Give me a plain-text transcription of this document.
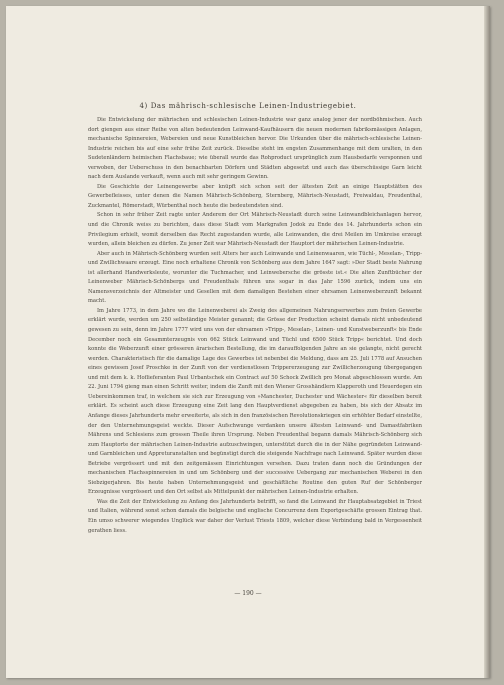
4) Das mährisch-schlesische Leinen-Industriegebiet.

Die Entwickelung der mährischen und schlesischen Leinen-Industrie war ganz analog jener der nordböhmischen. Auch dort giengen aus einer Reihe von alten bedeutenden Leinwand-Kaufhäusern die neuen modernen fabriksmässigen Anlagen, mechanische Spinnereien, Webereien und neue Kunstbleichen hervor. Die Urkunden über die mährisch-schlesische Leinen-Industrie reichen bis auf eine sehr frühe Zeit zurück. Dieselbe steht im engsten Zusammenhange mit dem uralten, in den Sudetenländern heimischen Flachsbaue; wie überall wurde das Rohproduct ursprünglich zum Hausbedarfe versponnen und verwoben, der Ueberschuss in den benachbarten Dörfern und Städten abgesetzt und auch das überschüssige Garn leicht nach dem Auslande verkauft, wenn auch mit sehr geringem Gewinn.

Die Geschichte der Leinengewerbe aber knüpft sich schon seit der ältesten Zeit an einige Hauptstätten des Gewerbefleisses, unter denen die Namen Mährisch-Schönberg, Sternberg, Mährisch-Neustadt, Freiwaldau, Freudenthal, Zuckmantel, Römerstadt, Würbenthal noch heute die bedeutendsten sind.

Schon in sehr früher Zeit ragte unter Anderem der Ort Mährisch-Neustadt durch seine Leinwandbleichanlagen hervor, und die Chronik weiss zu berichten, dass diese Stadt vom Markgrafen Jodok zu Ende des 14. Jahrhunderts schon ein Privilegium erhielt, womit derselben das Recht zugestanden wurde, alle Leinwanden, die drei Meilen im Umkreise erzeugt wurden, allein bleichen zu dürfen. Zu jener Zeit war Mährisch-Neustadt der Hauptort der mährischen Leinen-Industrie.

Aber auch in Mährisch-Schönberg wurden seit Alters her auch Leinwande und Leinenwaaren, wie Tüchl-, Meselan-, Tripp- und Zwillichwaare erzeugt. Eine noch erhaltene Chronik von Schönberg aus dem Jahre 1647 sagt: »Der Stadt beste Nahrung ist allerhand Handwerksleute, worunter die Tuchmacher, und Leinwebersche die grösste ist.« Die alten Zunftbücher der Leinenweber Mährisch-Schönbergs und Freudenthals führen uns sogar in das Jahr 1596 zurück, indem uns ein Namensverzeichnis der Altmeister und Gesellen mit dem damaligen Bestehen einer ehrsamen Leinenweberzunft bekannt macht.

Im Jahre 1773, in dem Jahre wo die Leinenweberei als Zweig des allgemeinen Nahrungserwerbes zum freien Gewerbe erklärt wurde, werden um 250 selbständige Meister genannt; die Grösse der Production scheint damals nicht unbedeutend gewesen zu sein, denn im Jahre 1777 wird uns von der ehrsamen »Tripp-, Meselan-, Leinen- und Kunstweberzunft« bis Ende December noch ein Gesammterzeugnis von 662 Stück Leinwand und Tüchl und 6500 Stück Tripp« berichtet. Und doch konnte die Weberzunft einer grösseren ärarischen Bestellung, die im darauffolgenden Jahre an sie gelangte, nicht gerecht werden. Charakteristisch für die damalige Lage des Gewerbes ist nebenbei die Meldung, dass am 25. Juli 1778 auf Ansuchen eines gewissen Josef Proschke in der Zunft von der verdienstlosen Trippererzeugung zur Zwillicherzeugung übergegangen und mit dem k. k. Hoflieferanten Paul Urbantschek ein Contract auf 50 Schock Zwillich pro Monat abgeschlossen wurde. Am 22. Juni 1794 gieng man einen Schritt weiter, indem die Zunft mit den Wiener Grosshändlern Klapperoth und Heuerdegen ein Uebereinkommen traf, in welchem sie sich zur Erzeugung von »Manchester, Duchester und Wächester« für dieselben bereit erklärt. Es scheint auch diese Erzeugung eine Zeit lang den Hauptverdienst abgegeben zu haben, bis sich der Absatz im Anfange dieses Jahrhunderts mehr erweiterte, als sich in den französischen Revolutionskriegen ein erhöhter Bedarf einstellte, der den Unternehmungsgeist weckte. Dieser Aufschwunge verdanken unsere ältesten Leinwand- und Damastfabriken Mährens und Schlesiens zum grossen Theile ihren Ursprung. Neben Freudenthal begann damals Mährisch-Schönberg sich zum Hauptorte der mährischen Leinen-Industrie aufzuschwingen, unterstützt durch die in der Nähe gegründeten Leinwand- und Garnbleichen und Appreturanstalten und begünstigt durch die steigende Nachfrage nach Leinwand. Später wurden diese Betriebe vergrössert und mit den zeitgemässen Einrichtungen versehen. Dazu traten dann noch die Gründungen der mechanischen Flachsspinnereien in und um Schönberg und der successive Uebergang zur mechanischen Weberei in den Siebzigerjahren. Bis heute haben Unternehmungsgeist und geschäftliche Routine den guten Ruf der Schönberger Erzeugnisse vergrössert und den Ort selbst als Mittelpunkt der mährischen Leinen-Industrie erhalten.

Was die Zeit der Entwickelung zu Anfang des Jahrhunderts betrifft, so fand die Leinwand ihr Hauptabsatzgebiet in Triest und Italien, während sonst schon damals die belgische und englische Concurrenz dem Exportgeschäfte grossen Eintrag that. Ein umso schwerer wiegendes Unglück war daher der Verlust Triests 1809, welcher diese Verbindung bald in Vergessenheit gerathen liess.

— 190 —
